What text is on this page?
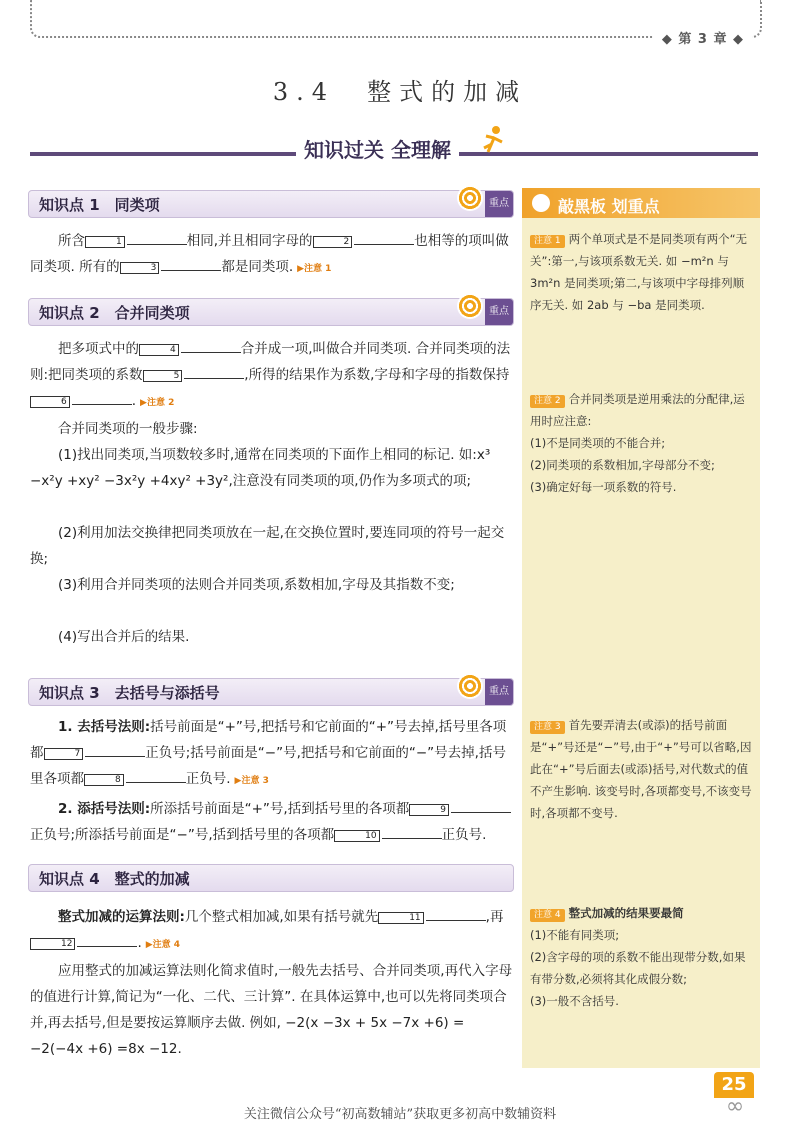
◆ 第 3 章 ◆
3.4　整式的加减
知识过关 全理解
知识点 1　同类项	重点
所含	1	相同,并且相同字母的	2	也相等的项叫做同类项. 所有的	3	都是同类项. ▶注意 1
知识点 2　合并同类项	重点
把多项式中的	4	合并成一项,叫做合并同类项. 合并同类项的法则:把同类项的系数	5	,所得的结果作为系数,字母和字母的指数保持6	. ▶注意 2
合并同类项的一般步骤:
(1)找出同类项,当项数较多时,通常在同类项的下面作上相同的标记. 如:x³ −x²y +xy² −3x²y +4xy² +3y²,注意没有同类项的项,仍作为多项式的项;
(2)利用加法交换律把同类项放在一起,在交换位置时,要连同项的符号一起交换;
(3)利用合并同类项的法则合并同类项,系数相加,字母及其指数不变;
(4)写出合并后的结果.
知识点 3　去括号与添括号	重点
1. 去括号法则:括号前面是“+”号,把括号和它前面的“+”号去掉,括号里各项都	7	正负号;括号前面是“−”号,把括号和它前面的“−”号去掉,括号里各项都	8	正负号. ▶注意 3
2. 添括号法则:所添括号前面是“+”号,括到括号里的各项都	9正负号;所添括号前面是“−”号,括到括号里的各项都	10	正负号.
知识点 4　整式的加减
整式加减的运算法则:几个整式相加减,如果有括号就先	11	,再12	. ▶注意 4
应用整式的加减运算法则化简求值时,一般先去括号、合并同类项,再代入字母的值进行计算,简记为“一化、二代、三计算”. 在具体运算中,也可以先将同类项合并,再去括号,但是要按运算顺序去做. 例如, −2(x −3x + 5x −7x +6) = −2(−4x +6) =8x −12.
敲黑板 划重点
注意 1 两个单项式是不是同类项有两个“无关”:第一,与该项系数无关. 如 −m²n 与 3m²n 是同类项;第二,与该项中字母排列顺序无关. 如 2ab 与 −ba 是同类项.
注意 2 合并同类项是逆用乘法的分配律,运用时应注意:
(1)不是同类项的不能合并;
(2)同类项的系数相加,字母部分不变;
(3)确定好每一项系数的符号.
注意 3 首先要弄清去(或添)的括号前面是“+”号还是“−”号,由于“+”号可以省略,因此在“+”号后面去(或添)括号,对代数式的值不产生影响. 该变号时,各项都变号,不该变号时,各项都不变号.
注意 4 整式加减的结果要最简
(1)不能有同类项;
(2)含字母的项的系数不能出现带分数,如果有带分数,必须将其化成假分数;
(3)一般不含括号.
25
∞
关注微信公众号“初高数辅站”获取更多初高中数辅资料
